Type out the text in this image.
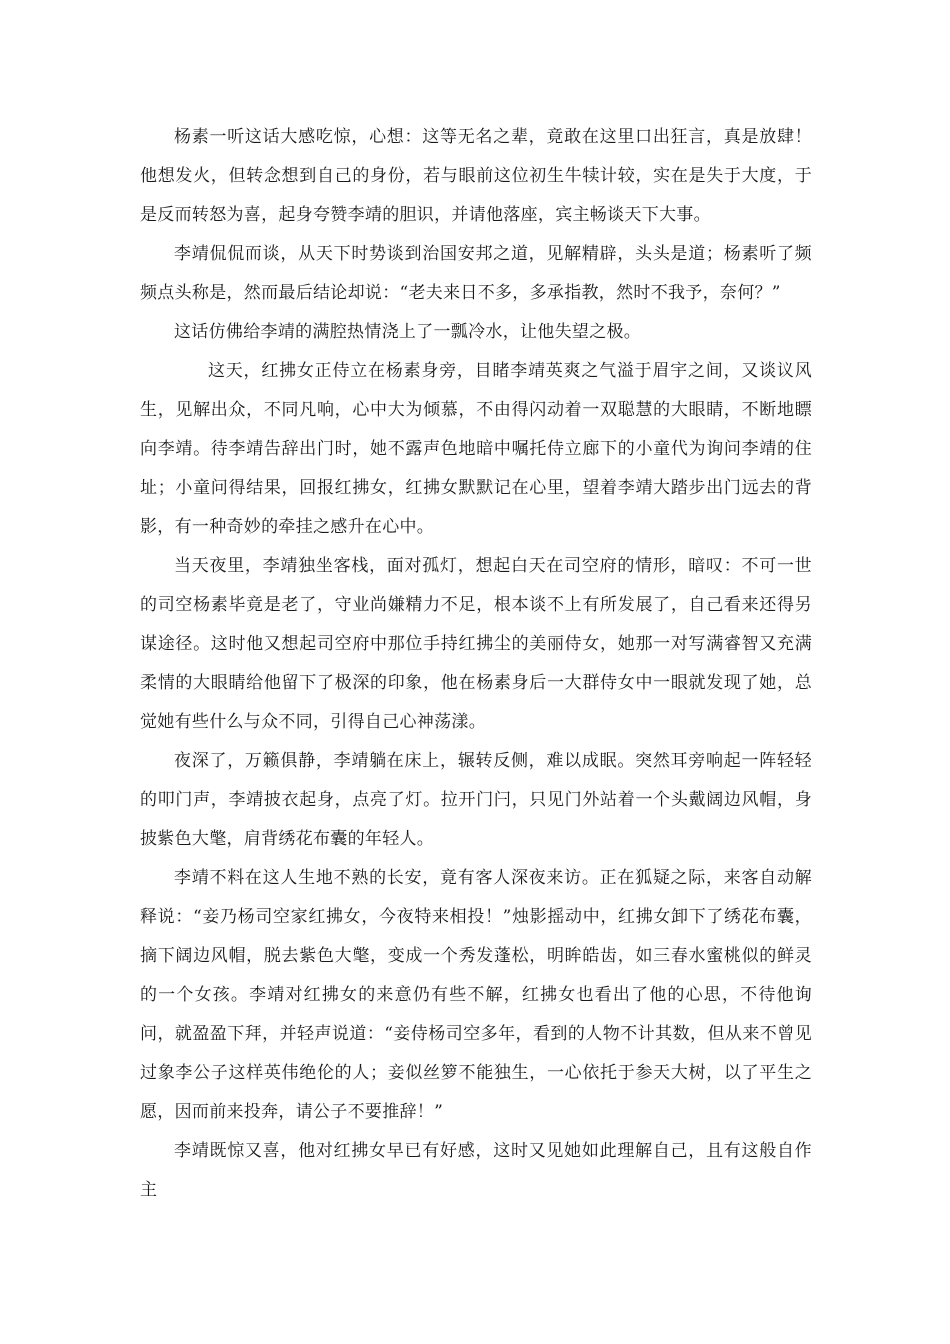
杨素一听这话大感吃惊，心想：这等无名之辈，竟敢在这里口出狂言，真是放肆！他想发火，但转念想到自己的身份，若与眼前这位初生牛犊计较，实在是失于大度，于是反而转怒为喜，起身夸赞李靖的胆识，并请他落座，宾主畅谈天下大事。

李靖侃侃而谈，从天下时势谈到治国安邦之道，见解精辟，头头是道；杨素听了频频点头称是，然而最后结论却说：“老夫来日不多，多承指教，然时不我予，奈何？”

这话仿佛给李靖的满腔热情浇上了一瓢冷水，让他失望之极。

这天，红拂女正侍立在杨素身旁，目睹李靖英爽之气溢于眉宇之间，又谈议风生，见解出众，不同凡响，心中大为倾慕，不由得闪动着一双聪慧的大眼睛，不断地瞟向李靖。待李靖告辞出门时，她不露声色地暗中嘱托侍立廊下的小童代为询问李靖的住址；小童问得结果，回报红拂女，红拂女默默记在心里，望着李靖大踏步出门远去的背影，有一种奇妙的牵挂之感升在心中。

当天夜里，李靖独坐客栈，面对孤灯，想起白天在司空府的情形，暗叹：不可一世的司空杨素毕竟是老了，守业尚嫌精力不足，根本谈不上有所发展了，自己看来还得另谋途径。这时他又想起司空府中那位手持红拂尘的美丽侍女，她那一对写满睿智又充满柔情的大眼睛给他留下了极深的印象，他在杨素身后一大群侍女中一眼就发现了她，总觉她有些什么与众不同，引得自己心神荡漾。

夜深了，万籁俱静，李靖躺在床上，辗转反侧，难以成眠。突然耳旁响起一阵轻轻的叩门声，李靖披衣起身，点亮了灯。拉开门闩，只见门外站着一个头戴阔边风帽，身披紫色大氅，肩背绣花布囊的年轻人。

李靖不料在这人生地不熟的长安，竟有客人深夜来访。正在狐疑之际，来客自动解释说：“妾乃杨司空家红拂女，今夜特来相投！”烛影摇动中，红拂女卸下了绣花布囊，摘下阔边风帽，脱去紫色大氅，变成一个秀发蓬松，明眸皓齿，如三春水蜜桃似的鲜灵的一个女孩。李靖对红拂女的来意仍有些不解，红拂女也看出了他的心思，不待他询问，就盈盈下拜，并轻声说道：“妾侍杨司空多年，看到的人物不计其数，但从来不曾见过象李公子这样英伟绝伦的人；妾似丝箩不能独生，一心依托于参天大树，以了平生之愿，因而前来投奔，请公子不要推辞！”

李靖既惊又喜，他对红拂女早已有好感，这时又见她如此理解自己，且有这般自作主
